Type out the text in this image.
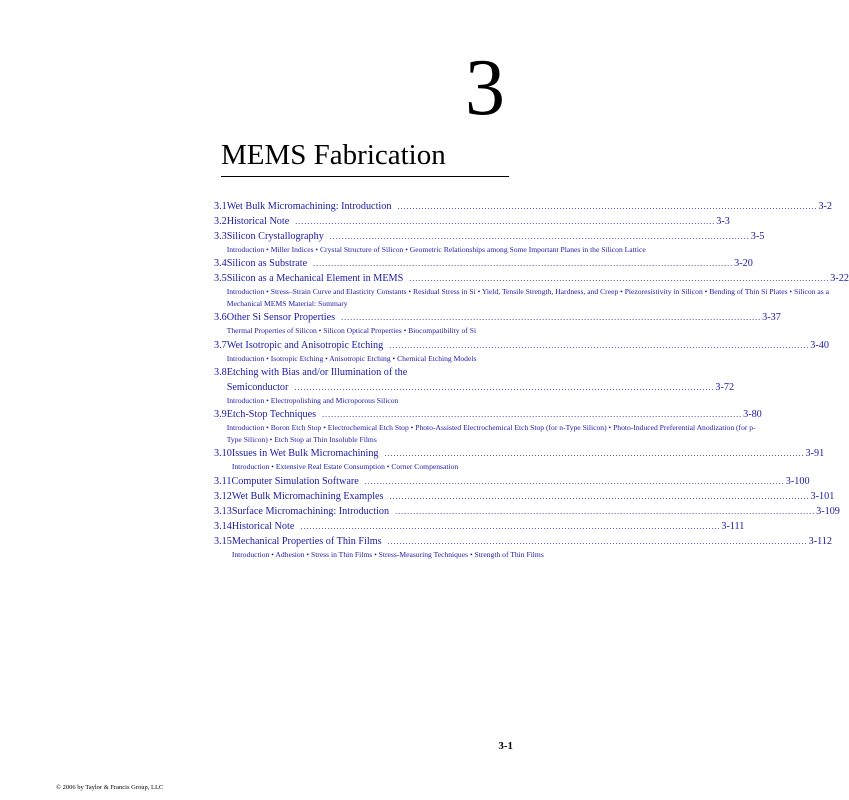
3
MEMS Fabrication
3.1 Wet Bulk Micromachining: Introduction .....	3-2
3.2 Historical Note .....	3-3
3.3 Silicon Crystallography .....	3-5
Introduction • Miller Indices • Crystal Structure of Silicon • Geometric Relationships among Some Important Planes in the Silicon Lattice
3.4 Silicon as Substrate .....	3-20
3.5 Silicon as a Mechanical Element in MEMS .....	3-22
Introduction • Stress–Strain Curve and Elasticity Constants • Residual Stress in Si • Yield, Tensile Strength, Hardness, and Creep • Piezoresistivity in Silicon • Bending of Thin Si Plates • Silicon as a Mechanical MEMS Material: Summary
3.6 Other Si Sensor Properties .....	3-37
Thermal Properties of Silicon • Silicon Optical Properties • Biocompatibility of Si
3.7 Wet Isotropic and Anisotropic Etching .....	3-40
Introduction • Isotropic Etching • Anisotropic Etching • Chemical Etching Models
3.8 Etching with Bias and/or Illumination of the
Semiconductor .....	3-72
Introduction • Electropolishing and Microporous Silicon
3.9 Etch-Stop Techniques .....	3-80
Introduction • Boron Etch Stop • Electrochemical Etch Stop • Photo-Assisted Electrochemical Etch Stop (for n-Type Silicon) • Photo-Induced Preferential Anodization (for p-Type Silicon) • Etch Stop at Thin Insoluble Films
3.10 Issues in Wet Bulk Micromachining .....	3-91
Introduction • Extensive Real Estate Consumption • Corner Compensation
3.11 Computer Simulation Software .....	3-100
3.12 Wet Bulk Micromachining Examples .....	3-101
3.13 Surface Micromachining: Introduction .....	3-109
3.14 Historical Note .....	3-111
3.15 Mechanical Properties of Thin Films .....	3-112
Introduction • Adhesion • Stress in Thin Films • Stress-Measuring Techniques • Strength of Thin Films
3-1
© 2006 by Taylor & Francis Group, LLC
